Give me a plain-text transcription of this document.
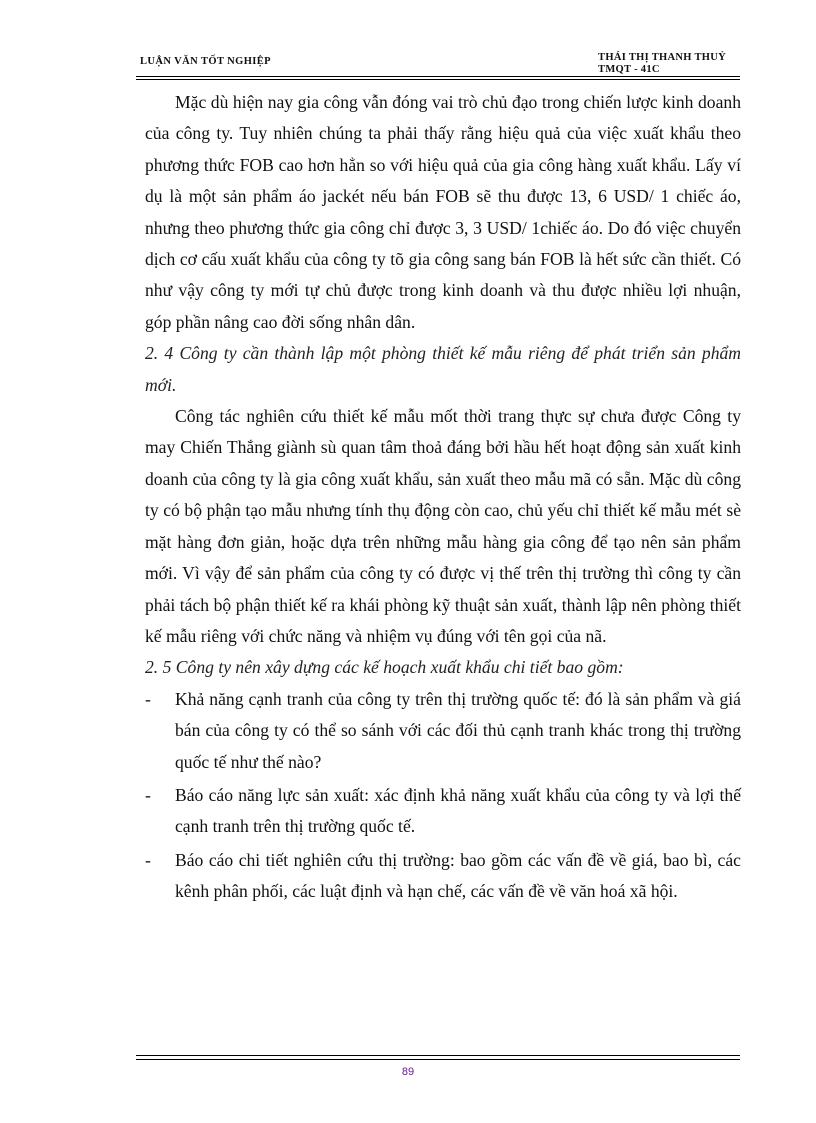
LUẬN VĂN TỐT NGHIỆP	THÁI THỊ THANH THUỶ
TMQT - 41C

Mặc dù hiện nay gia công vẫn đóng vai trò chủ đạo trong chiến lược kinh doanh của công ty. Tuy nhiên chúng ta phải thấy rằng hiệu quả của việc xuất khẩu theo phương thức FOB cao hơn hẳn so với hiệu quả của gia công hàng xuất khẩu. Lấy ví dụ là một sản phẩm áo jackét nếu bán FOB sẽ thu được 13, 6 USD/ 1 chiếc áo, nhưng theo phương thức gia công chỉ được 3, 3 USD/ 1chiếc áo. Do đó việc chuyển dịch cơ cấu xuất khẩu của công ty tõ gia công sang bán FOB là hết sức cần thiết. Có như vậy công ty mới tự chủ được trong kinh doanh và thu được nhiều lợi nhuận, góp phần nâng cao đời sống nhân dân.

2. 4 Công ty cần thành lập một phòng thiết kế mẫu riêng để phát triển sản phẩm mới.

Công tác nghiên cứu thiết kế mẫu mốt thời trang thực sự chưa được Công ty may Chiến Thắng giành sù quan tâm thoả đáng bởi hầu hết hoạt động sản xuất kinh doanh của công ty là gia công xuất khẩu, sản xuất theo mẫu mã có sẵn. Mặc dù công ty có bộ phận tạo mẫu nhưng tính thụ động còn cao, chủ yếu chỉ thiết kế mẫu mét sè mặt hàng đơn giản, hoặc dựa trên những mẫu hàng gia công để tạo nên sản phẩm mới. Vì vậy để sản phẩm của công ty có được vị thế trên thị trường thì công ty cần phải tách bộ phận thiết kế ra khái phòng kỹ thuật sản xuất, thành lập nên phòng thiết kế mẫu riêng với chức năng và nhiệm vụ đúng với tên gọi của nã.

2. 5 Công ty nên xây dựng các kế hoạch xuất khẩu chi tiết bao gồm:

- Khả năng cạnh tranh của công ty trên thị trường quốc tế: đó là sản phẩm và giá bán của công ty có thể so sánh với các đối thủ cạnh tranh khác trong thị trường quốc tế như thế nào?
- Báo cáo năng lực sản xuất: xác định khả năng xuất khẩu của công ty và lợi thế cạnh tranh trên thị trường quốc tế.
- Báo cáo chi tiết nghiên cứu thị trường: bao gồm các vấn đề về giá, bao bì, các kênh phân phối, các luật định và hạn chế, các vấn đề về văn hoá xã hội.
89
